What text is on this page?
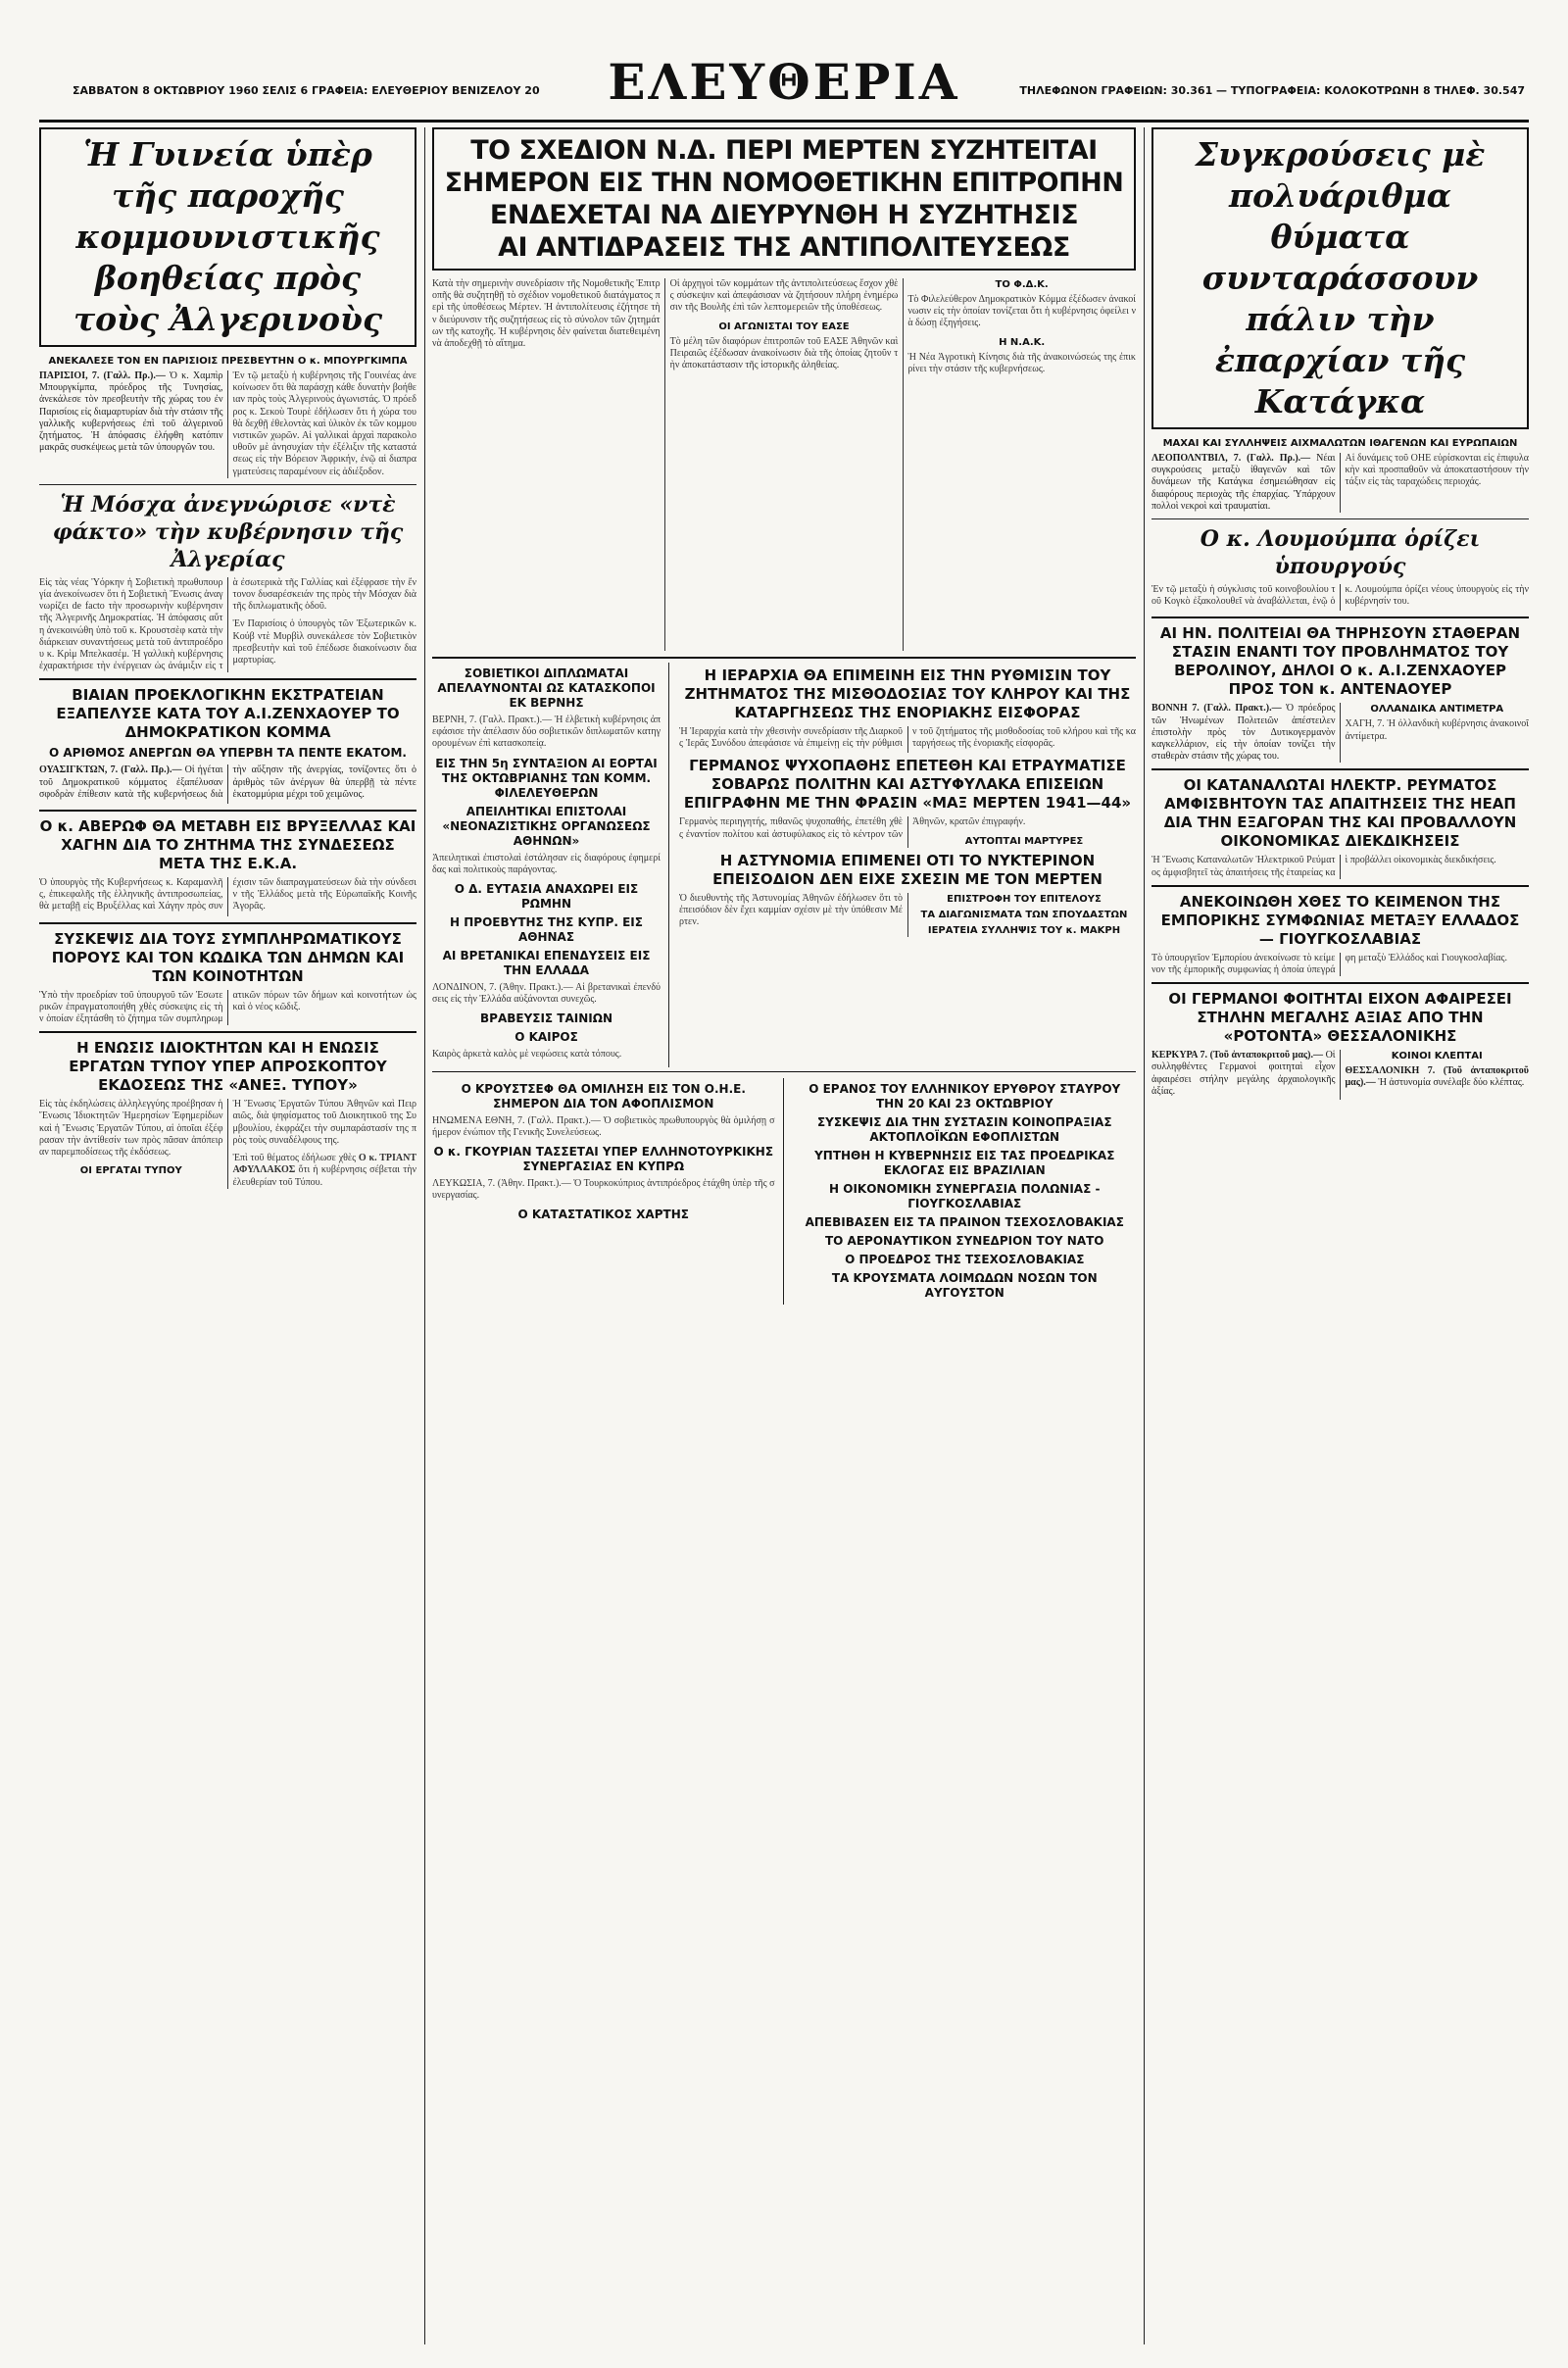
ΣΑΒΒΑΤΟΝ 8 ΟΚΤΩΒΡΙΟΥ 1960 ΣΕΛΙΣ 6 ΓΡΑΦΕΙΑ: ΕΛΕΥΘΕΡΙΟΥ ΒΕΝΙΖΕΛΟΥ 20	ΕΛΕΥΘΕΡΙΑ	ΤΗΛΕΦΩΝΟΝ ΓΡΑΦΕΙΩΝ: 30.361 — ΤΥΠΟΓΡΑΦΕΙΑ: ΚΟΛΟΚΟΤΡΩΝΗ 8 ΤΗΛΕΦ. 30.547

Ἡ Γυινεία ὑπὲρ τῆς παροχῆς κομμουνιστικῆς βοηθείας πρὸς τοὺς Ἀλγερινοὺς

ΑΝΕΚΑΛΕΣΕ ΤΟΝ ΕΝ ΠΑΡΙΣΙΟΙΣ ΠΡΕΣΒΕΥΤΗΝ Ο κ. ΜΠΟΥΡΓΚΙΜΠΑ

ΠΑΡΙΣΙΟΙ, 7. (Γαλλ. Πρ.).— Ὁ κ. Χαμπὶρ Μπουργκίμπα, πρόεδρος τῆς Τυνησίας, ἀνεκάλεσε τὸν πρεσβευτὴν τῆς χώρας του ἐν Παρισίοις εἰς διαμαρτυρίαν διὰ τὴν στάσιν τῆς γαλλικῆς κυβερνήσεως ἐπὶ τοῦ ἀλγερινοῦ ζητήματος. Ἡ ἀπόφασις ἐλήφθη κατόπιν μακρᾶς συσκέψεως μετὰ τῶν ὑπουργῶν του.

Ἐν τῷ μεταξὺ ἡ κυβέρνησις τῆς Γουινέας ἀνεκοίνωσεν ὅτι θὰ παράσχῃ κάθε δυνατὴν βοήθειαν πρὸς τοὺς Ἀλγερινοὺς ἀγωνιστάς. Ὁ πρόεδρος κ. Σεκοὺ Τουρὲ ἐδήλωσεν ὅτι ἡ χώρα του θὰ δεχθῇ ἐθελοντὰς καὶ ὑλικὸν ἐκ τῶν κομμουνιστικῶν χωρῶν. Αἱ γαλλικαὶ ἀρχαὶ παρακολουθοῦν μὲ ἀνησυχίαν τὴν ἐξέλιξιν τῆς καταστάσεως εἰς τὴν Βόρειον Ἀφρικήν, ἐνῷ αἱ διαπραγματεύσεις παραμένουν εἰς ἀδιέξοδον.

Ἡ Μόσχα ἀνεγνώρισε «ντὲ φάκτο» τὴν κυβέρνησιν τῆς Ἀλγερίας

Εἰς τὰς νέας Ὑόρκην ἡ Σοβιετικὴ πρωθυπουργία ἀνεκοίνωσεν ὅτι ἡ Σοβιετικὴ Ἕνωσις ἀναγνωρίζει de facto τὴν προσωρινὴν κυβέρνησιν τῆς Ἀλγερινῆς Δημοκρατίας. Ἡ ἀπόφασις αὕτη ἀνεκοινώθη ὑπὸ τοῦ κ. Κρουστσὲφ κατὰ τὴν διάρκειαν συναντήσεως μετὰ τοῦ ἀντιπροέδρου κ. Κρὶμ Μπελκασέμ. Ἡ γαλλικὴ κυβέρνησις ἐχαρακτήρισε τὴν ἐνέργειαν ὡς ἀνάμιξιν εἰς τὰ ἐσωτερικὰ τῆς Γαλλίας καὶ ἐξέφρασε τὴν ἔντονον δυσαρέσκειάν της πρὸς τὴν Μόσχαν διὰ τῆς διπλωματικῆς ὁδοῦ.

Ἐν Παρισίοις ὁ ὑπουργὸς τῶν Ἐξωτερικῶν κ. Κούβ ντὲ Μυρβὶλ συνεκάλεσε τὸν Σοβιετικὸν πρεσβευτὴν καὶ τοῦ ἐπέδωσε διακοίνωσιν διαμαρτυρίας.

ΒΙΑΙΑΝ ΠΡΟΕΚΛΟΓΙΚΗΝ ΕΚΣΤΡΑΤΕΙΑΝ ΕΞΑΠΕΛΥΣΕ ΚΑΤΑ ΤΟΥ Α.Ι.ΖΕΝΧΑΟΥΕΡ ΤΟ ΔΗΜΟΚΡΑΤΙΚΟΝ ΚΟΜΜΑ

Ο ΑΡΙΘΜΟΣ ΑΝΕΡΓΩΝ ΘΑ ΥΠΕΡΒΗ ΤΑ ΠΕΝΤΕ ΕΚΑΤΟΜ.

ΟΥΑΣΙΓΚΤΩΝ, 7. (Γαλλ. Πρ.).— Οἱ ἡγέται τοῦ Δημοκρατικοῦ κόμματος ἐξαπέλυσαν σφοδρὰν ἐπίθεσιν κατὰ τῆς κυβερνήσεως διὰ τὴν αὔξησιν τῆς ἀνεργίας, τονίζοντες ὅτι ὁ ἀριθμὸς τῶν ἀνέργων θὰ ὑπερβῇ τὰ πέντε ἑκατομμύρια μέχρι τοῦ χειμῶνος.

Ο κ. ΑΒΕΡΩΦ ΘΑ ΜΕΤΑΒΗ ΕΙΣ ΒΡΥΞΕΛΛΑΣ ΚΑΙ ΧΑΓΗΝ ΔΙΑ ΤΟ ΖΗΤΗΜΑ ΤΗΣ ΣΥΝΔΕΣΕΩΣ ΜΕΤΑ ΤΗΣ Ε.Κ.Α.

Ὁ ὑπουργὸς τῆς Κυβερνήσεως κ. Καραμανλῆς, ἐπικεφαλῆς τῆς ἑλληνικῆς ἀντιπροσωπείας, θὰ μεταβῇ εἰς Βρυξέλλας καὶ Χάγην πρὸς συνέχισιν τῶν διαπραγματεύσεων διὰ τὴν σύνδεσιν τῆς Ἑλλάδος μετὰ τῆς Εὐρωπαϊκῆς Κοινῆς Ἀγορᾶς.

ΣΥΣΚΕΨΙΣ ΔΙΑ ΤΟΥΣ ΣΥΜΠΛΗΡΩΜΑΤΙΚΟΥΣ ΠΟΡΟΥΣ ΚΑΙ ΤΟΝ ΚΩΔΙΚΑ ΤΩΝ ΔΗΜΩΝ ΚΑΙ ΤΩΝ ΚΟΙΝΟΤΗΤΩΝ

Ὑπὸ τὴν προεδρίαν τοῦ ὑπουργοῦ τῶν Ἐσωτερικῶν ἐπραγματοποιήθη χθὲς σύσκεψις εἰς τὴν ὁποίαν ἐξητάσθη τὸ ζήτημα τῶν συμπληρωματικῶν πόρων τῶν δήμων καὶ κοινοτήτων ὡς καὶ ὁ νέος κῶδιξ.

Η ΕΝΩΣΙΣ ΙΔΙΟΚΤΗΤΩΝ ΚΑΙ Η ΕΝΩΣΙΣ ΕΡΓΑΤΩΝ ΤΥΠΟΥ ΥΠΕΡ ΑΠΡΟΣΚΟΠΤΟΥ ΕΚΔΟΣΕΩΣ ΤΗΣ «ΑΝΕΞ. ΤΥΠΟΥ»

Εἰς τὰς ἐκδηλώσεις ἀλληλεγγύης προέβησαν ἡ Ἕνωσις Ἰδιοκτητῶν Ἡμερησίων Ἐφημερίδων καὶ ἡ Ἕνωσις Ἐργατῶν Τύπου, αἱ ὁποῖαι ἐξέφρασαν τὴν ἀντίθεσίν των πρὸς πᾶσαν ἀπόπειραν παρεμποδίσεως τῆς ἐκδόσεως.

ΟΙ ΕΡΓΑΤΑΙ ΤΥΠΟΥ

Ἡ Ἕνωσις Ἐργατῶν Τύπου Ἀθηνῶν καὶ Πειραιῶς, διὰ ψηφίσματος τοῦ Διοικητικοῦ της Συμβουλίου, ἐκφράζει τὴν συμπαράστασίν της πρὸς τοὺς συναδέλφους της.

Ἐπὶ τοῦ θέματος ἐδήλωσε χθὲς Ο κ. ΤΡΙΑΝΤΑΦΥΛΛΑΚΟΣ ὅτι ἡ κυβέρνησις σέβεται τὴν ἐλευθερίαν τοῦ Τύπου.

ΤΟ ΣΧΕΔΙΟΝ Ν.Δ. ΠΕΡΙ ΜΕΡΤΕΝ ΣΥΖΗΤΕΙΤΑΙ

ΣΗΜΕΡΟΝ ΕΙΣ ΤΗΝ ΝΟΜΟΘΕΤΙΚΗΝ ΕΠΙΤΡΟΠΗΝ

ΕΝΔΕΧΕΤΑΙ ΝΑ ΔΙΕΥΡΥΝΘΗ Η ΣΥΖΗΤΗΣΙΣ

ΑΙ ΑΝΤΙΔΡΑΣΕΙΣ ΤΗΣ ΑΝΤΙΠΟΛΙΤΕΥΣΕΩΣ

Κατὰ τὴν σημερινὴν συνεδρίασιν τῆς Νομοθετικῆς Ἐπιτροπῆς θὰ συζητηθῇ τὸ σχέδιον νομοθετικοῦ διατάγματος περὶ τῆς ὑποθέσεως Μέρτεν. Ἡ ἀντιπολίτευσις ἐζήτησε τὴν διεύρυνσιν τῆς συζητήσεως εἰς τὸ σύνολον τῶν ζητημάτων τῆς κατοχῆς. Ἡ κυβέρνησις δὲν φαίνεται διατεθειμένη νὰ ἀποδεχθῇ τὸ αἴτημα.

Οἱ ἀρχηγοὶ τῶν κομμάτων τῆς ἀντιπολιτεύσεως ἔσχον χθὲς σύσκεψιν καὶ ἀπεφάσισαν νὰ ζητήσουν πλήρη ἐνημέρωσιν τῆς Βουλῆς ἐπὶ τῶν λεπτομερειῶν τῆς ὑποθέσεως.

ΟΙ ΑΓΩΝΙΣΤΑΙ ΤΟΥ ΕΑΣΕ

Τὸ μέλη τῶν διαφόρων ἐπιτροπῶν τοῦ ΕΑΣΕ Ἀθηνῶν καὶ Πειραιῶς ἐξέδωσαν ἀνακοίνωσιν διὰ τῆς ὁποίας ζητοῦν τὴν ἀποκατάστασιν τῆς ἱστορικῆς ἀληθείας.

ΤΟ Φ.Δ.Κ.

Τὸ Φιλελεύθερον Δημοκρατικὸν Κόμμα ἐξέδωσεν ἀνακοίνωσιν εἰς τὴν ὁποίαν τονίζεται ὅτι ἡ κυβέρνησις ὀφείλει νὰ δώσῃ ἐξηγήσεις.

Η Ν.Α.Κ.

Ἡ Νέα Ἀγροτικὴ Κίνησις διὰ τῆς ἀνακοινώσεώς της ἐπικρίνει τὴν στάσιν τῆς κυβερνήσεως.

ΣΟΒΙΕΤΙΚΟΙ ΔΙΠΛΩΜΑΤΑΙ ΑΠΕΛΑΥΝΟΝΤΑΙ ΩΣ ΚΑΤΑΣΚΟΠΟΙ ΕΚ ΒΕΡΝΗΣ

ΒΕΡΝΗ, 7. (Γαλλ. Πρακτ.).— Ἡ ἐλβετικὴ κυβέρνησις ἀπεφάσισε τὴν ἀπέλασιν δύο σοβιετικῶν διπλωματῶν κατηγορουμένων ἐπὶ κατασκοπείᾳ.

ΕΙΣ ΤΗΝ 5η ΣΥΝΤΑΞΙΟΝ ΑΙ ΕΟΡΤΑΙ ΤΗΣ ΟΚΤΩΒΡΙΑΝΗΣ ΤΩΝ ΚΟΜΜ. ΦΙΛΕΛΕΥΘΕΡΩΝ

ΑΠΕΙΛΗΤΙΚΑΙ ΕΠΙΣΤΟΛΑΙ «ΝΕΟΝΑΖΙΣΤΙΚΗΣ ΟΡΓΑΝΩΣΕΩΣ ΑΘΗΝΩΝ»

Ἀπειλητικαὶ ἐπιστολαὶ ἐστάλησαν εἰς διαφόρους ἐφημερίδας καὶ πολιτικοὺς παράγοντας.

Ο Δ. ΕΥΤΑΣΙΑ ΑΝΑΧΩΡΕΙ ΕΙΣ ΡΩΜΗΝ

Η ΠΡΟΕΒΥΤΗΣ ΤΗΣ ΚΥΠΡ. ΕΙΣ ΑΘΗΝΑΣ

ΑΙ ΒΡΕΤΑΝΙΚΑΙ ΕΠΕΝΔΥΣΕΙΣ ΕΙΣ ΤΗΝ ΕΛΛΑΔΑ

ΛΟΝΔΙΝΟΝ, 7. (Ἀθην. Πρακτ.).— Αἱ βρετανικαὶ ἐπενδύσεις εἰς τὴν Ἑλλάδα αὐξάνονται συνεχῶς.

ΒΡΑΒΕΥΣΙΣ ΤΑΙΝΙΩΝ

Ο ΚΑΙΡΟΣ

Καιρὸς ἀρκετὰ καλὸς μὲ νεφώσεις κατὰ τόπους.

Η ΙΕΡΑΡΧΙΑ ΘΑ ΕΠΙΜΕΙΝΗ ΕΙΣ ΤΗΝ ΡΥΘΜΙΣΙΝ ΤΟΥ ΖΗΤΗΜΑΤΟΣ ΤΗΣ ΜΙΣΘΟΔΟΣΙΑΣ ΤΟΥ ΚΛΗΡΟΥ ΚΑΙ ΤΗΣ ΚΑΤΑΡΓΗΣΕΩΣ ΤΗΣ ΕΝΟΡΙΑΚΗΣ ΕΙΣΦΟΡΑΣ

Ἡ Ἱεραρχία κατὰ τὴν χθεσινὴν συνεδρίασιν τῆς Διαρκοῦς Ἱερᾶς Συνόδου ἀπεφάσισε νὰ ἐπιμείνῃ εἰς τὴν ρύθμισιν τοῦ ζητήματος τῆς μισθοδοσίας τοῦ κλήρου καὶ τῆς καταργήσεως τῆς ἐνοριακῆς εἰσφορᾶς.

ΓΕΡΜΑΝΟΣ ΨΥΧΟΠΑΘΗΣ ΕΠΕΤΕΘΗ ΚΑΙ ΕΤΡΑΥΜΑΤΙΣΕ ΣΟΒΑΡΩΣ ΠΟΛΙΤΗΝ ΚΑΙ ΑΣΤΥΦΥΛΑΚΑ ΕΠΙΣΕΙΩΝ ΕΠΙΓΡΑΦΗΝ ΜΕ ΤΗΝ ΦΡΑΣΙΝ «ΜΑΞ ΜΕΡΤΕΝ 1941—44»

Γερμανὸς περιηγητής, πιθανῶς ψυχοπαθής, ἐπετέθη χθὲς ἐναντίον πολίτου καὶ ἀστυφύλακος εἰς τὸ κέντρον τῶν Ἀθηνῶν, κρατῶν ἐπιγραφήν.

ΑΥΤΟΠΤΑΙ ΜΑΡΤΥΡΕΣ

Η ΑΣΤΥΝΟΜΙΑ ΕΠΙΜΕΝΕΙ ΟΤΙ ΤΟ ΝΥΚΤΕΡΙΝΟΝ ΕΠΕΙΣΟΔΙΟΝ ΔΕΝ ΕΙΧΕ ΣΧΕΣΙΝ ΜΕ ΤΟΝ ΜΕΡΤΕΝ

Ὁ διευθυντὴς τῆς Ἀστυνομίας Ἀθηνῶν ἐδήλωσεν ὅτι τὸ ἐπεισόδιον δὲν ἔχει καμμίαν σχέσιν μὲ τὴν ὑπόθεσιν Μέρτεν.

ΕΠΙΣΤΡΟΦΗ ΤΟΥ ΕΠΙΤΕΛΟΥΣ

ΤΑ ΔΙΑΓΩΝΙΣΜΑΤΑ ΤΩΝ ΣΠΟΥΔΑΣΤΩΝ

ΙΕΡΑΤΕΙΑ ΣΥΛΛΗΨΙΣ ΤΟΥ κ. ΜΑΚΡΗ

Ο ΚΡΟΥΣΤΣΕΦ ΘΑ ΟΜΙΛΗΣΗ ΕΙΣ ΤΟΝ Ο.Η.Ε. ΣΗΜΕΡΟΝ ΔΙΑ ΤΟΝ ΑΦΟΠΛΙΣΜΟΝ

ΗΝΩΜΕΝΑ ΕΘΝΗ, 7. (Γαλλ. Πρακτ.).— Ὁ σοβιετικὸς πρωθυπουργὸς θὰ ὁμιλήσῃ σήμερον ἐνώπιον τῆς Γενικῆς Συνελεύσεως.

Ο κ. ΓΚΟΥΡΙΑΝ ΤΑΣΣΕΤΑΙ ΥΠΕΡ ΕΛΛΗΝΟΤΟΥΡΚΙΚΗΣ ΣΥΝΕΡΓΑΣΙΑΣ ΕΝ ΚΥΠΡΩ

ΛΕΥΚΩΣΙΑ, 7. (Ἀθην. Πρακτ.).— Ὁ Τουρκοκύπριος ἀντιπρόεδρος ἐτάχθη ὑπὲρ τῆς συνεργασίας.

Ο ΚΑΤΑΣΤΑΤΙΚΟΣ ΧΑΡΤΗΣ

Ο ΕΡΑΝΟΣ ΤΟΥ ΕΛΛΗΝΙΚΟΥ ΕΡΥΘΡΟΥ ΣΤΑΥΡΟΥ ΤΗΝ 20 ΚΑΙ 23 ΟΚΤΩΒΡΙΟΥ

ΣΥΣΚΕΨΙΣ ΔΙΑ ΤΗΝ ΣΥΣΤΑΣΙΝ ΚΟΙΝΟΠΡΑΞΙΑΣ ΑΚΤΟΠΛΟΪΚΩΝ ΕΦΟΠΛΙΣΤΩΝ

ΥΠΤΗΘΗ Η ΚΥΒΕΡΝΗΣΙΣ ΕΙΣ ΤΑΣ ΠΡΟΕΔΡΙΚΑΣ ΕΚΛΟΓΑΣ ΕΙΣ ΒΡΑΖΙΛΙΑΝ

Η ΟΙΚΟΝΟΜΙΚΗ ΣΥΝΕΡΓΑΣΙΑ ΠΟΛΩΝΙΑΣ - ΓΙΟΥΓΚΟΣΛΑΒΙΑΣ

ΑΠΕΒΙΒΑΣΕΝ ΕΙΣ ΤΑ ΠΡΑΙΝΟΝ ΤΣΕΧΟΣΛΟΒΑΚΙΑΣ

ΤΟ ΑΕΡΟΝΑΥΤΙΚΟΝ ΣΥΝΕΔΡΙΟΝ ΤΟΥ ΝΑΤΟ

Ο ΠΡΟΕΔΡΟΣ ΤΗΣ ΤΣΕΧΟΣΛΟΒΑΚΙΑΣ

ΤΑ ΚΡΟΥΣΜΑΤΑ ΛΟΙΜΩΔΩΝ ΝΟΣΩΝ ΤΟΝ ΑΥΓΟΥΣΤΟΝ

Συγκρούσεις μὲ πολυάριθμα θύματα συνταράσσουν πάλιν τὴν ἐπαρχίαν τῆς Κατάγκα

ΜΑΧΑΙ ΚΑΙ ΣΥΛΛΗΨΕΙΣ ΑΙΧΜΑΛΩΤΩΝ ΙΘΑΓΕΝΩΝ ΚΑΙ ΕΥΡΩΠΑΙΩΝ

ΛΕΟΠΟΛΝΤΒΙΛ, 7. (Γαλλ. Πρ.).— Νέαι συγκρούσεις μεταξὺ ἰθαγενῶν καὶ τῶν δυνάμεων τῆς Κατάγκα ἐσημειώθησαν εἰς διαφόρους περιοχὰς τῆς ἐπαρχίας. Ὑπάρχουν πολλοὶ νεκροὶ καὶ τραυματίαι.

Αἱ δυνάμεις τοῦ ΟΗΕ εὑρίσκονται εἰς ἐπιφυλακὴν καὶ προσπαθοῦν νὰ ἀποκαταστήσουν τὴν τάξιν εἰς τὰς ταραχώδεις περιοχάς.

Ο κ. Λουμούμπα ὁρίζει ὑπουργούς

Ἐν τῷ μεταξὺ ἡ σύγκλισις τοῦ κοινοβουλίου τοῦ Κογκὸ ἐξακολουθεῖ νὰ ἀναβάλλεται, ἐνῷ ὁ κ. Λουμούμπα ὁρίζει νέους ὑπουργοὺς εἰς τὴν κυβέρνησίν του.

ΑΙ ΗΝ. ΠΟΛΙΤΕΙΑΙ ΘΑ ΤΗΡΗΣΟΥΝ ΣΤΑΘΕΡΑΝ ΣΤΑΣΙΝ ΕΝΑΝΤΙ ΤΟΥ ΠΡΟΒΛΗΜΑΤΟΣ ΤΟΥ ΒΕΡΟΛΙΝΟΥ, ΔΗΛΟΙ Ο κ. Α.Ι.ΖΕΝΧΑΟΥΕΡ ΠΡΟΣ ΤΟΝ κ. ΑΝΤΕΝΑΟΥΕΡ

ΒΟΝΝΗ 7. (Γαλλ. Πρακτ.).— Ὁ πρόεδρος τῶν Ἡνωμένων Πολιτειῶν ἀπέστειλεν ἐπιστολὴν πρὸς τὸν Δυτικογερμανὸν καγκελλάριον, εἰς τὴν ὁποίαν τονίζει τὴν σταθερὰν στάσιν τῆς χώρας του.

ΟΛΛΑΝΔΙΚΑ ΑΝΤΙΜΕΤΡΑ

ΧΑΓΗ, 7. Ἡ ὀλλανδικὴ κυβέρνησις ἀνακοινοῖ ἀντίμετρα.

ΟΙ ΚΑΤΑΝΑΛΩΤΑΙ ΗΛΕΚΤΡ. ΡΕΥΜΑΤΟΣ ΑΜΦΙΣΒΗΤΟΥΝ ΤΑΣ ΑΠΑΙΤΗΣΕΙΣ ΤΗΣ ΗΕΑΠ ΔΙΑ ΤΗΝ ΕΞΑΓΟΡΑΝ ΤΗΣ ΚΑΙ ΠΡΟΒΑΛΛΟΥΝ ΟΙΚΟΝΟΜΙΚΑΣ ΔΙΕΚΔΙΚΗΣΕΙΣ

Ἡ Ἕνωσις Καταναλωτῶν Ἠλεκτρικοῦ Ρεύματος ἀμφισβητεῖ τὰς ἀπαιτήσεις τῆς ἑταιρείας καὶ προβάλλει οἰκονομικὰς διεκδικήσεις.

ΑΝΕΚΟΙΝΩΘΗ ΧΘΕΣ ΤΟ ΚΕΙΜΕΝΟΝ ΤΗΣ ΕΜΠΟΡΙΚΗΣ ΣΥΜΦΩΝΙΑΣ ΜΕΤΑΞΥ ΕΛΛΑΔΟΣ — ΓΙΟΥΓΚΟΣΛΑΒΙΑΣ

Τὸ ὑπουργεῖον Ἐμπορίου ἀνεκοίνωσε τὸ κείμενον τῆς ἐμπορικῆς συμφωνίας ἡ ὁποία ὑπεγράφη μεταξὺ Ἑλλάδος καὶ Γιουγκοσλαβίας.

ΟΙ ΓΕΡΜΑΝΟΙ ΦΟΙΤΗΤΑΙ ΕΙΧΟΝ ΑΦΑΙΡΕΣΕΙ ΣΤΗΛΗΝ ΜΕΓΑΛΗΣ ΑΞΙΑΣ ΑΠΟ ΤΗΝ «ΡΟΤΟΝΤΑ» ΘΕΣΣΑΛΟΝΙΚΗΣ

ΚΕΡΚΥΡΑ 7. (Τοῦ ἀνταποκριτοῦ μας).— Οἱ συλληφθέντες Γερμανοὶ φοιτηταὶ εἶχον ἀφαιρέσει στήλην μεγάλης ἀρχαιολογικῆς ἀξίας.

ΚΟΙΝΟΙ ΚΛΕΠΤΑΙ

ΘΕΣΣΑΛΟΝΙΚΗ 7. (Τοῦ ἀνταποκριτοῦ μας).— Ἡ ἀστυνομία συνέλαβε δύο κλέπτας.
